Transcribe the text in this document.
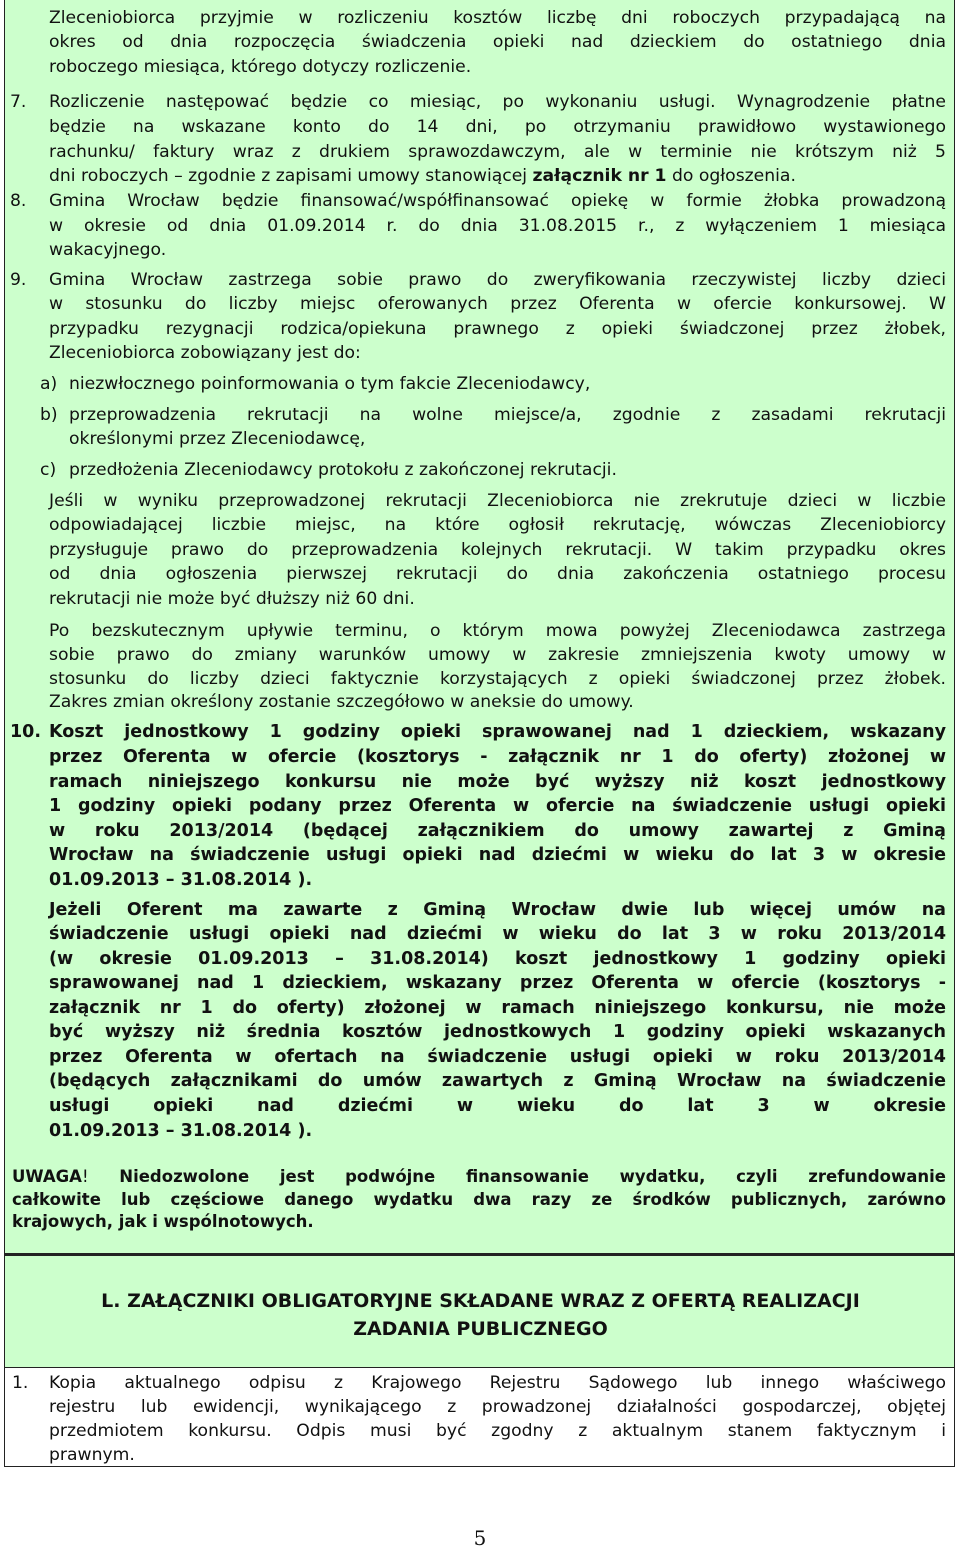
Zleceniobiorca przyjmie w rozliczeniu kosztów liczbę dni roboczych przypadającą na
okres od dnia rozpoczęcia świadczenia opieki nad dzieckiem do ostatniego dnia
roboczego miesiąca, którego dotyczy rozliczenie.
7. Rozliczenie następować będzie co miesiąc, po wykonaniu usługi. Wynagrodzenie płatne
będzie na wskazane konto do 14 dni, po otrzymaniu prawidłowo wystawionego
rachunku/ faktury wraz z drukiem sprawozdawczym, ale w terminie nie krótszym niż 5
dni roboczych – zgodnie z zapisami umowy stanowiącej załącznik nr 1 do ogłoszenia.
8. Gmina Wrocław będzie finansować/współfinansować opiekę w formie żłobka prowadzoną
w okresie od dnia 01.09.2014 r. do dnia 31.08.2015 r., z wyłączeniem 1 miesiąca
wakacyjnego.
9. Gmina Wrocław zastrzega sobie prawo do zweryfikowania rzeczywistej liczby dzieci
w stosunku do liczby miejsc oferowanych przez Oferenta w ofercie konkursowej. W
przypadku rezygnacji rodzica/opiekuna prawnego z opieki świadczonej przez żłobek,
Zleceniobiorca zobowiązany jest do:
a) niezwłocznego poinformowania o tym fakcie Zleceniodawcy,
b) przeprowadzenia rekrutacji na wolne miejsce/a, zgodnie z zasadami rekrutacji
określonymi przez Zleceniodawcę,
c) przedłożenia Zleceniodawcy protokołu z zakończonej rekrutacji.
Jeśli w wyniku przeprowadzonej rekrutacji Zleceniobiorca nie zrekrutuje dzieci w liczbie
odpowiadającej liczbie miejsc, na które ogłosił rekrutację, wówczas Zleceniobiorcy
przysługuje prawo do przeprowadzenia kolejnych rekrutacji. W takim przypadku okres
od dnia ogłoszenia pierwszej rekrutacji do dnia zakończenia ostatniego procesu
rekrutacji nie może być dłuższy niż 60 dni.
Po bezskutecznym upływie terminu, o którym mowa powyżej Zleceniodawca zastrzega
sobie prawo do zmiany warunków umowy w zakresie zmniejszenia kwoty umowy w
stosunku do liczby dzieci faktycznie korzystających z opieki świadczonej przez żłobek.
Zakres zmian określony zostanie szczegółowo w aneksie do umowy.
10. Koszt jednostkowy 1 godziny opieki sprawowanej nad 1 dzieckiem, wskazany
przez Oferenta w ofercie (kosztorys - załącznik nr 1 do oferty) złożonej w
ramach niniejszego konkursu nie może być wyższy niż koszt jednostkowy
1 godziny opieki podany przez Oferenta w ofercie na świadczenie usługi opieki
w roku 2013/2014 (będącej załącznikiem do umowy zawartej z Gminą
Wrocław na świadczenie usługi opieki nad dziećmi w wieku do lat 3 w okresie
01.09.2013 – 31.08.2014 ).
Jeżeli Oferent ma zawarte z Gminą Wrocław dwie lub więcej umów na
świadczenie usługi opieki nad dziećmi w wieku do lat 3 w roku 2013/2014
(w okresie 01.09.2013 – 31.08.2014) koszt jednostkowy 1 godziny opieki
sprawowanej nad 1 dzieckiem, wskazany przez Oferenta w ofercie (kosztorys -
załącznik nr 1 do oferty) złożonej w ramach niniejszego konkursu, nie może
być wyższy niż średnia kosztów jednostkowych 1 godziny opieki wskazanych
przez Oferenta w ofertach na świadczenie usługi opieki w roku 2013/2014
(będących załącznikami do umów zawartych z Gminą Wrocław na świadczenie
usługi opieki nad dziećmi w wieku do lat 3 w okresie
01.09.2013 – 31.08.2014 ).
UWAGA! Niedozwolone jest podwójne finansowanie wydatku, czyli zrefundowanie
całkowite lub częściowe danego wydatku dwa razy ze środków publicznych, zarówno
krajowych, jak i wspólnotowych.
L. ZAŁĄCZNIKI OBLIGATORYJNE SKŁADANE WRAZ Z OFERTĄ REALIZACJI
ZADANIA PUBLICZNEGO
1. Kopia aktualnego odpisu z Krajowego Rejestru Sądowego lub innego właściwego
rejestru lub ewidencji, wynikającego z prowadzonej działalności gospodarczej, objętej
przedmiotem konkursu. Odpis musi być zgodny z aktualnym stanem faktycznym i
prawnym.
5
